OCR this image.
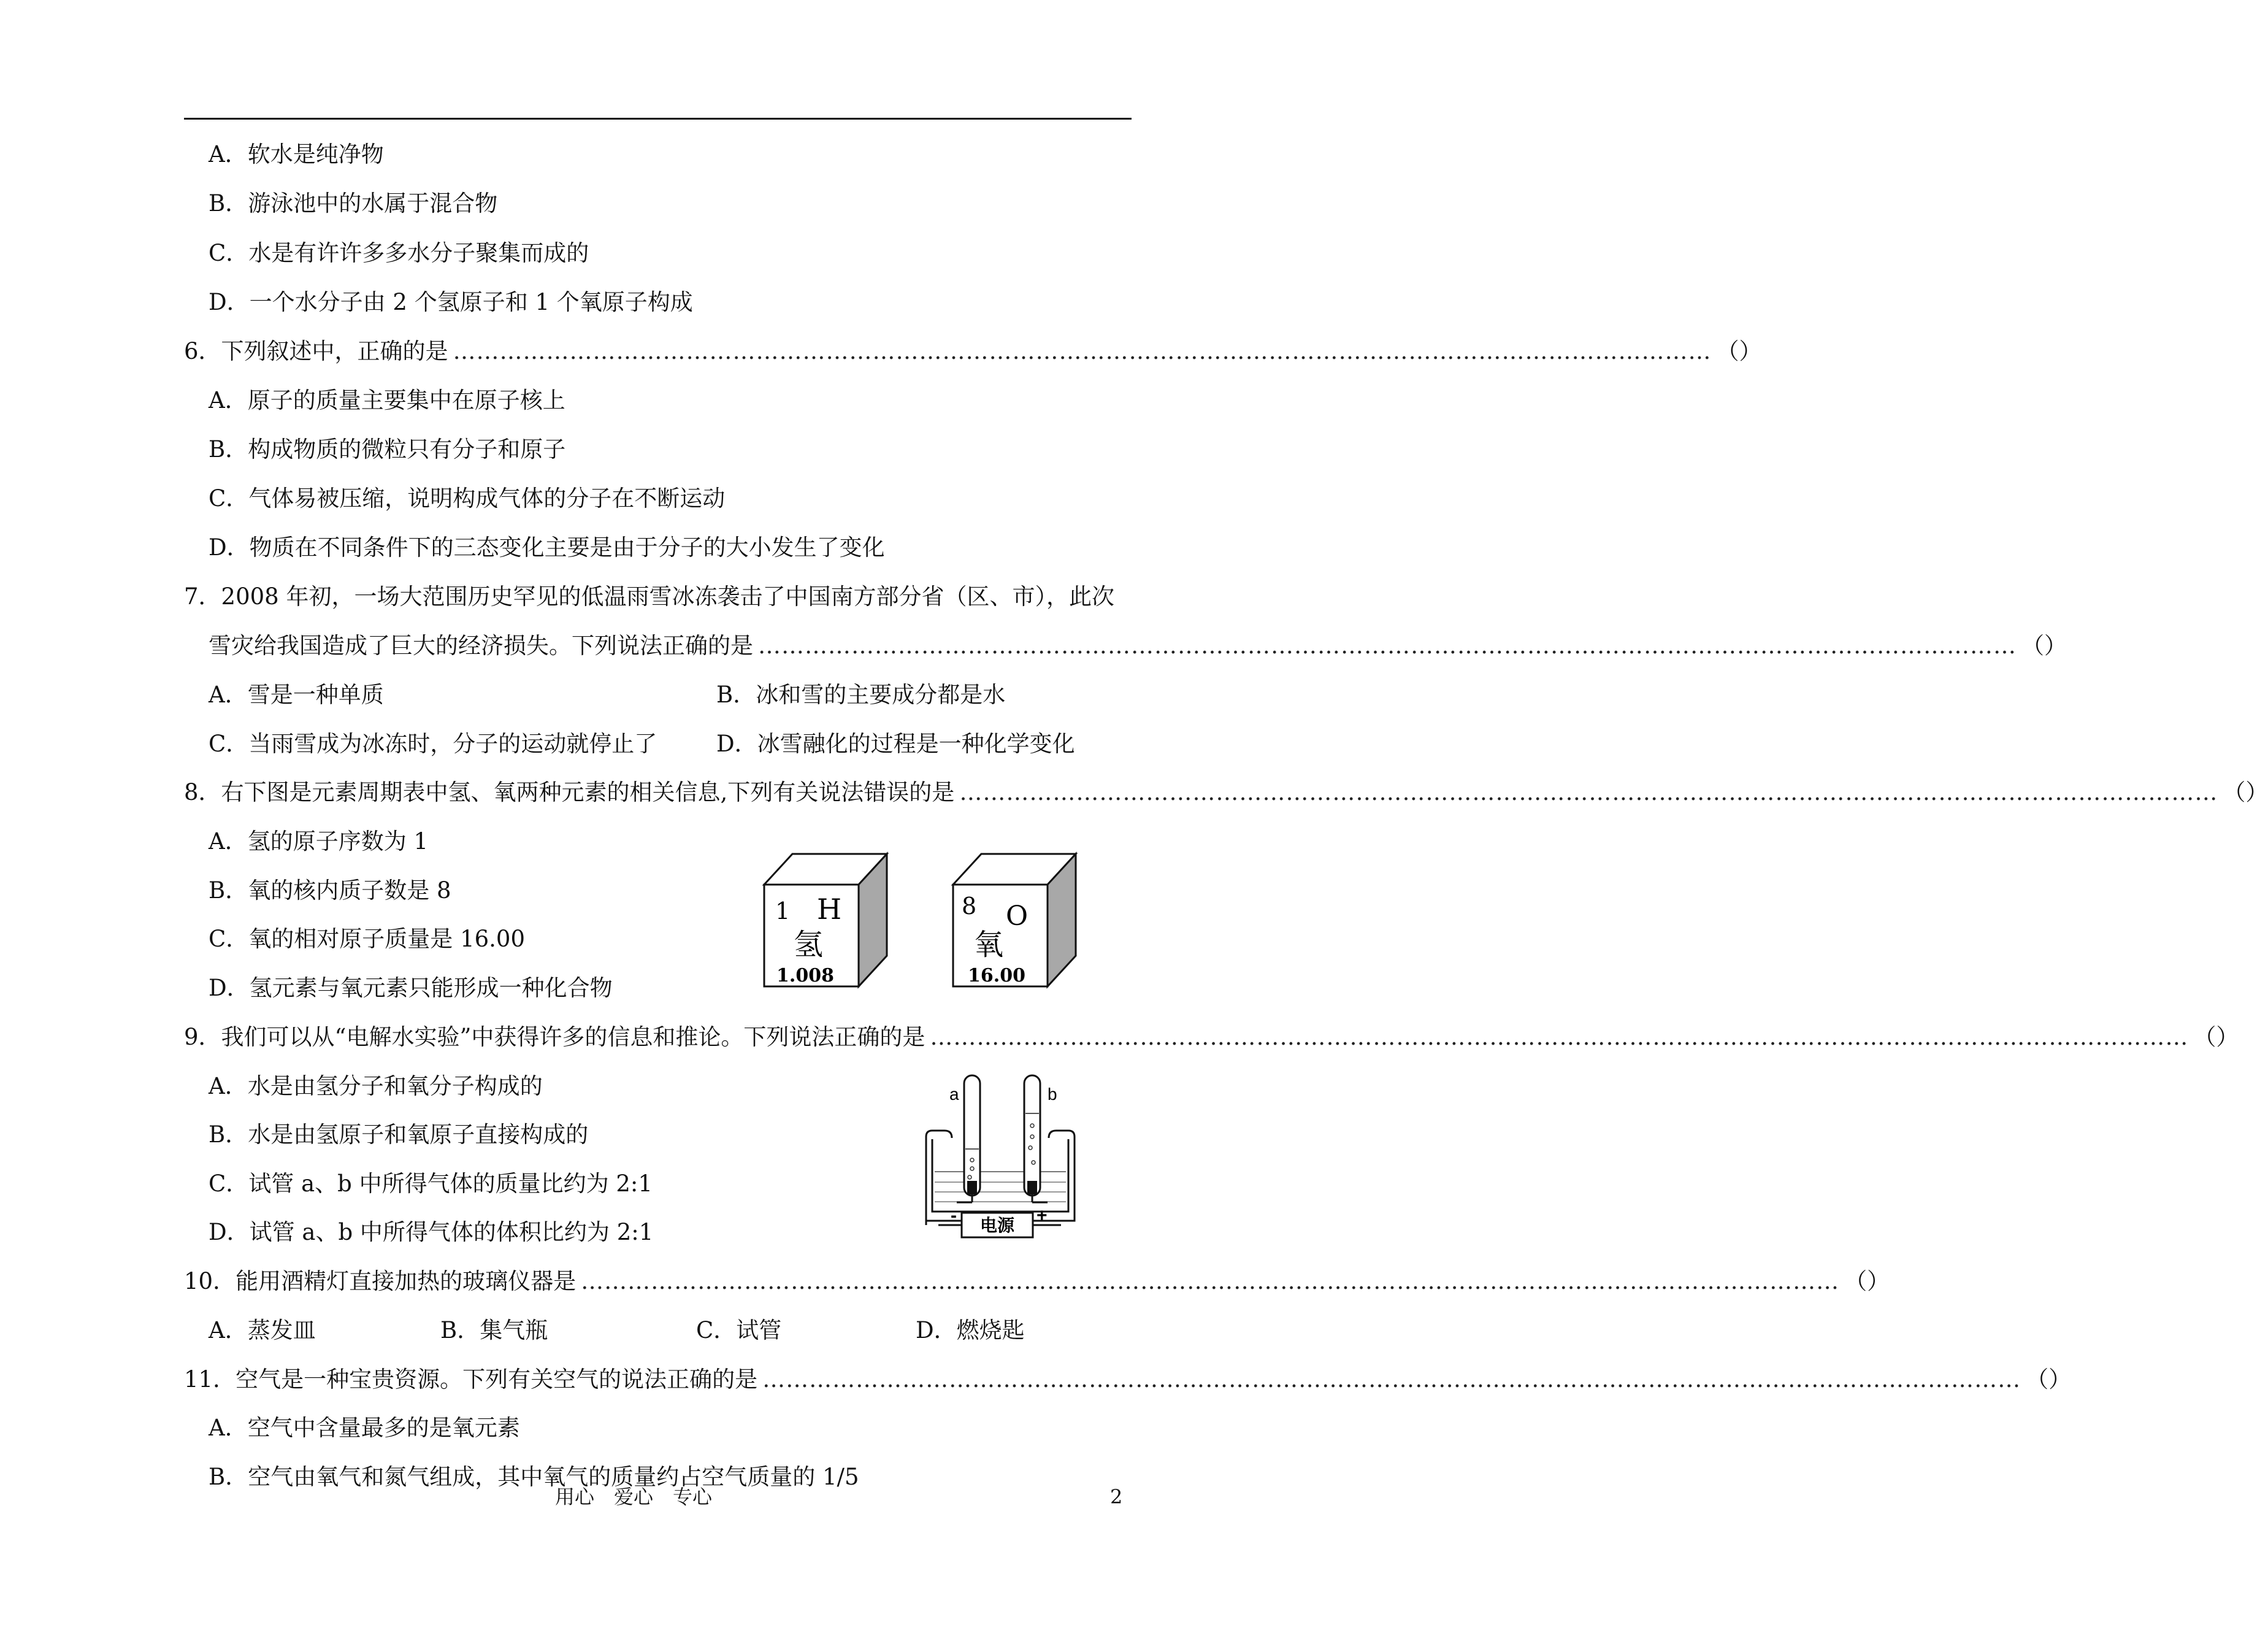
A．软水是纯净物
B．游泳池中的水属于混合物
C．水是有许许多多水分子聚集而成的
D．一个水分子由 2 个氢原子和 1 个氧原子构成
6．下列叙述中，正确的是 ……………………………………………………………………………………………………………………………………………… （ ）
A．原子的质量主要集中在原子核上
B．构成物质的微粒只有分子和原子
C．气体易被压缩，说明构成气体的分子在不断运动
D．物质在不同条件下的三态变化主要是由于分子的大小发生了变化
7．2008 年初，一场大范围历史罕见的低温雨雪冰冻袭击了中国南方部分省（区、市），此次
雪灾给我国造成了巨大的经济损失。下列说法正确的是 ……………………………………………………………………………………………………………………………………………… （ ）
A．雪是一种单质	B．冰和雪的主要成分都是水
C．当雨雪成为冰冻时，分子的运动就停止了	D．冰雪融化的过程是一种化学变化
8．右下图是元素周期表中氢、氧两种元素的相关信息,下列有关说法错误的是 ……………………………………………………………………………………………………………………………………………… （ ）
A．氢的原子序数为 1
B．氧的核内质子数是 8
C．氧的相对原子质量是 16.00
D．氢元素与氧元素只能形成一种化合物
1 H
氢
1.008
8 O
氧
16.00
9．我们可以从“电解水实验”中获得许多的信息和推论。下列说法正确的是 ……………………………………………………………………………………………………………………………………………… （ ）
A．水是由氢分子和氧分子构成的
B．水是由氢原子和氧原子直接构成的
C．试管 a、b 中所得气体的质量比约为 2:1
D．试管 a、b 中所得气体的体积比约为 2:1
a	b
电源
-	+
10．能用酒精灯直接加热的玻璃仪器是 ……………………………………………………………………………………………………………………………………………… （ ）
A．蒸发皿	B．集气瓶	C．试管	D．燃烧匙
11．空气是一种宝贵资源。下列有关空气的说法正确的是 ……………………………………………………………………………………………………………………………………………… （ ）
A．空气中含量最多的是氧元素
B．空气由氧气和氮气组成，其中氧气的质量约占空气质量的 1/5
用心　爱心　专心	2
